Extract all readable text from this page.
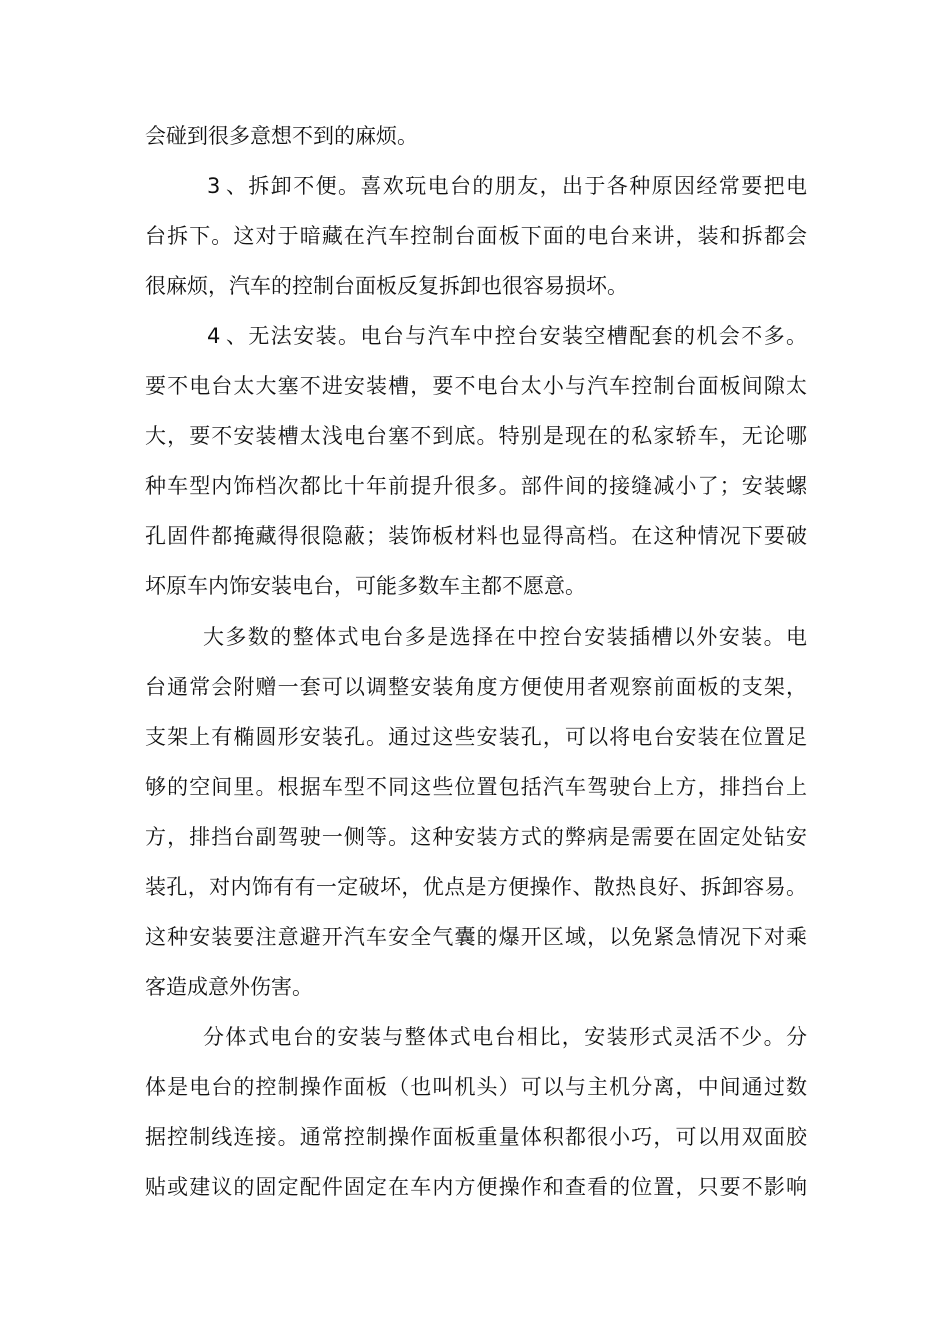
会碰到很多意想不到的麻烦。
3、拆卸不便。喜欢玩电台的朋友，出于各种原因经常要把电
台拆下。这对于暗藏在汽车控制台面板下面的电台来讲，装和拆都会
很麻烦，汽车的控制台面板反复拆卸也很容易损坏。
4、无法安装。电台与汽车中控台安装空槽配套的机会不多。
要不电台太大塞不进安装槽，要不电台太小与汽车控制台面板间隙太
大，要不安装槽太浅电台塞不到底。特别是现在的私家轿车，无论哪
种车型内饰档次都比十年前提升很多。部件间的接缝减小了；安装螺
孔固件都掩藏得很隐蔽；装饰板材料也显得高档。在这种情况下要破
坏原车内饰安装电台，可能多数车主都不愿意。
大多数的整体式电台多是选择在中控台安装插槽以外安装。电
台通常会附赠一套可以调整安装角度方便使用者观察前面板的支架，
支架上有椭圆形安装孔。通过这些安装孔，可以将电台安装在位置足
够的空间里。根据车型不同这些位置包括汽车驾驶台上方，排挡台上
方，排挡台副驾驶一侧等。这种安装方式的弊病是需要在固定处钻安
装孔，对内饰有有一定破坏，优点是方便操作、散热良好、拆卸容易。
这种安装要注意避开汽车安全气囊的爆开区域，以免紧急情况下对乘
客造成意外伤害。
分体式电台的安装与整体式电台相比，安装形式灵活不少。分
体是电台的控制操作面板（也叫机头）可以与主机分离，中间通过数
据控制线连接。通常控制操作面板重量体积都很小巧，可以用双面胶
贴或建议的固定配件固定在车内方便操作和查看的位置，只要不影响
